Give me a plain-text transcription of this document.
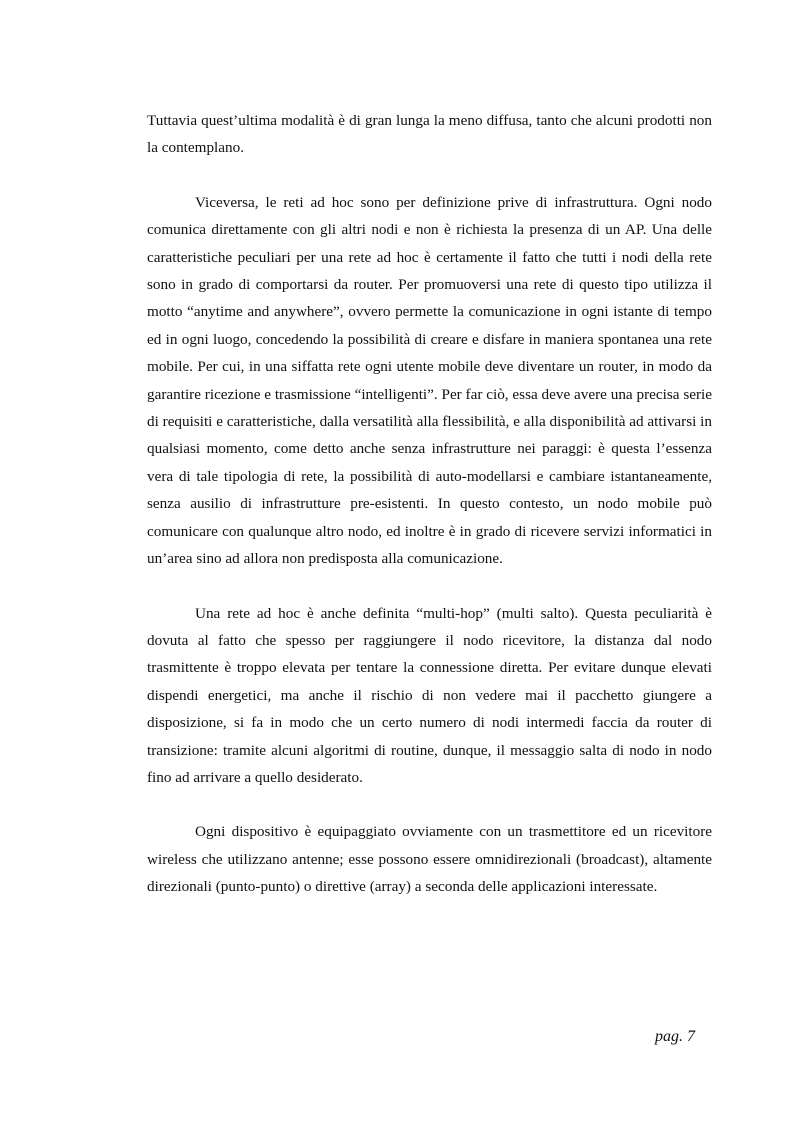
Tuttavia quest’ultima modalità è di gran lunga la meno diffusa, tanto che alcuni prodotti non la contemplano.

Viceversa, le reti ad hoc sono per definizione prive di infrastruttura. Ogni nodo comunica direttamente con gli altri nodi e non è richiesta la presenza di un AP. Una delle caratteristiche peculiari per una rete ad hoc è certamente il fatto che tutti i nodi della rete sono in grado di comportarsi da router. Per promuoversi una rete di questo tipo utilizza il motto “anytime and anywhere”, ovvero permette la comunicazione in ogni istante di tempo ed in ogni luogo, concedendo la possibilità di creare e disfare in maniera spontanea una rete mobile. Per cui, in una siffatta rete ogni utente mobile deve diventare un router, in modo da garantire ricezione e trasmissione “intelligenti”. Per far ciò, essa deve avere una precisa serie di requisiti e caratteristiche, dalla versatilità alla flessibilità, e alla disponibilità ad attivarsi in qualsiasi momento, come detto anche senza infrastrutture nei paraggi: è questa l’essenza vera di tale tipologia di rete, la possibilità di auto-modellarsi e cambiare istantaneamente, senza ausilio di infrastrutture pre-esistenti. In questo contesto, un nodo mobile può comunicare con qualunque altro nodo, ed inoltre è in grado di ricevere servizi informatici in un’area sino ad allora non predisposta alla comunicazione.

Una rete ad hoc è anche definita “multi-hop” (multi salto). Questa peculiarità è dovuta al fatto che spesso per raggiungere il nodo ricevitore, la distanza dal nodo trasmittente è troppo elevata per tentare la connessione diretta. Per evitare dunque elevati dispendi energetici, ma anche il rischio di non vedere mai il pacchetto giungere a disposizione, si fa in modo che un certo numero di nodi intermedi faccia da router di transizione: tramite alcuni algoritmi di routine, dunque, il messaggio salta di nodo in nodo fino ad arrivare a quello desiderato.

Ogni dispositivo è equipaggiato ovviamente con un trasmettitore ed un ricevitore wireless che utilizzano antenne; esse possono essere omnidirezionali (broadcast), altamente direzionali (punto-punto) o direttive (array) a seconda delle applicazioni interessate.

pag. 7
